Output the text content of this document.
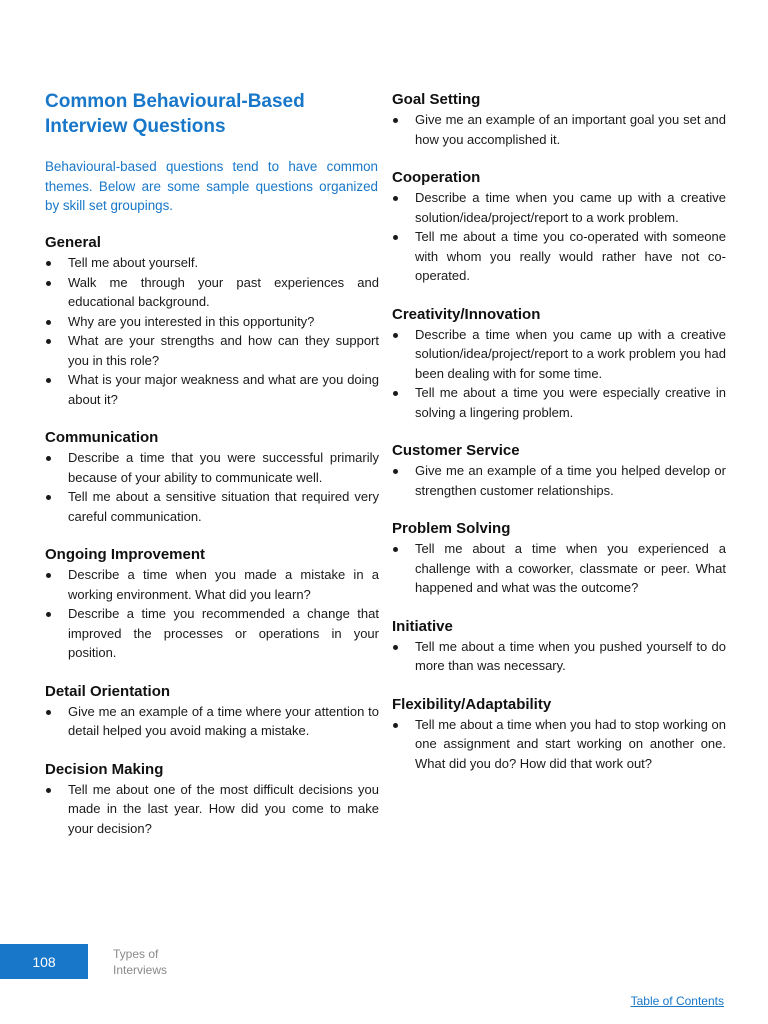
Common Behavioural-Based Interview Questions

Behavioural-based questions tend to have common themes. Below are some sample questions organized by skill set groupings.

General
Tell me about yourself.
Walk me through your past experiences and educational background.
Why are you interested in this opportunity?
What are your strengths and how can they support you in this role?
What is your major weakness and what are you doing about it?
Communication
Describe a time that you were successful primarily because of your ability to communicate well.
Tell me about a sensitive situation that required very careful communication.
Ongoing Improvement
Describe a time when you made a mistake in a working environment. What did you learn?
Describe a time you recommended a change that improved the processes or operations in your position.
Detail Orientation
Give me an example of a time where your attention to detail helped you avoid making a mistake.
Decision Making
Tell me about one of the most difficult decisions you made in the last year. How did you come to make your decision?
Goal Setting
Give me an example of an important goal you set and how you accomplished it.
Cooperation
Describe a time when you came up with a creative solution/idea/project/report to a work problem.
Tell me about a time you co-operated with someone with whom you really would rather have not co-operated.
Creativity/Innovation
Describe a time when you came up with a creative solution/idea/project/report to a work problem you had been dealing with for some time.
Tell me about a time you were especially creative in solving a lingering problem.
Customer Service
Give me an example of a time you helped develop or strengthen customer relationships.
Problem Solving
Tell me about a time when you experienced a challenge with a coworker, classmate or peer. What happened and what was the outcome?
Initiative
Tell me about a time when you pushed yourself to do more than was necessary.
Flexibility/Adaptability
Tell me about a time when you had to stop working on one assignment and start working on another one. What did you do? How did that work out?
108	Types of
Interviews
Table of Contents
